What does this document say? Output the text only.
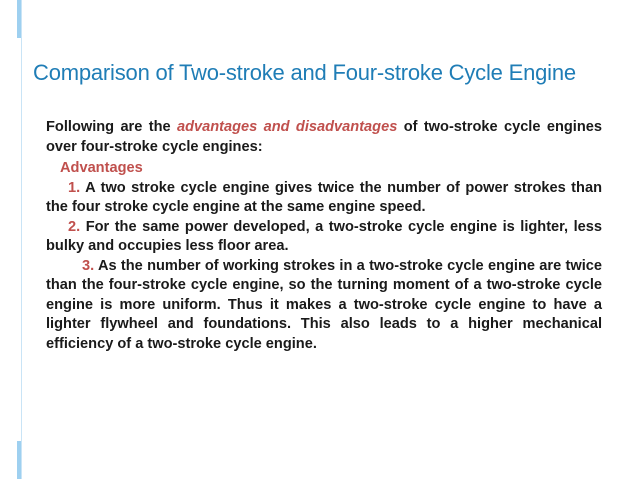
Comparison of Two-stroke and Four-stroke Cycle Engine

Following are the advantages and disadvantages of two-stroke cycle engines over four-stroke cycle engines:

Advantages

1. A two stroke cycle engine gives twice the number of power strokes than the four stroke cycle engine at the same engine speed.

2. For the same power developed, a two-stroke cycle engine is lighter, less bulky and occupies less floor area.

3. As the number of working strokes in a two-stroke cycle engine are twice than the four-stroke cycle engine, so the turning moment of a two-stroke cycle engine is more uniform. Thus it makes a two-stroke cycle engine to have a lighter flywheel and foundations. This also leads to a higher mechanical efficiency of a two-stroke cycle engine.
